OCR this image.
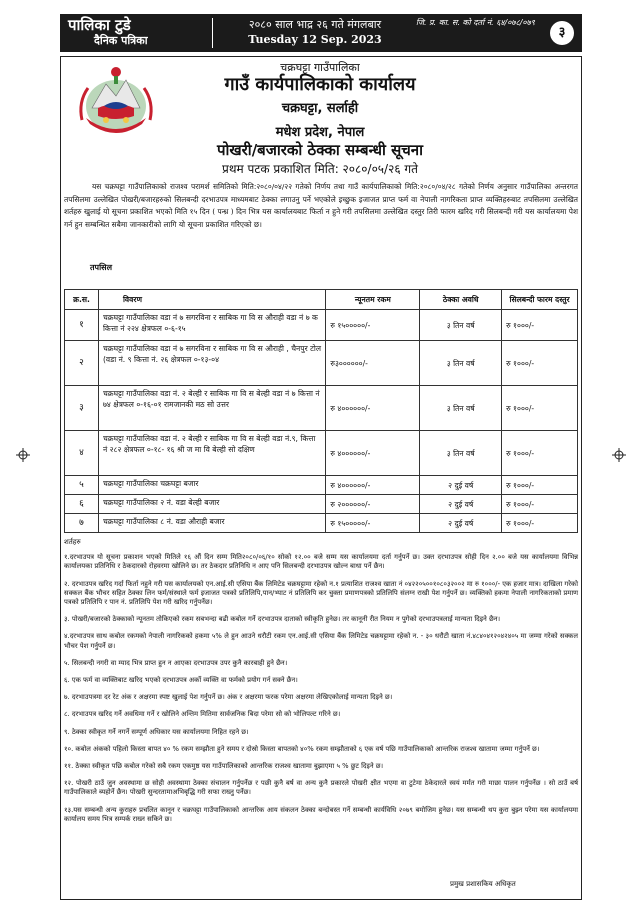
पालिका टुडे
दैनिक पत्रिका
२०८० साल भाद्र २६ गते मंगलबार
Tuesday 12 Sep. 2023
जि. प्र. का. स. को दर्ता नं. ६४/०७८/०७९
३
चक्रघट्टा गाउँपालिका
गाउँ कार्यपालिकाको कार्यालय
चक्रघट्टा, सर्लाही
मधेश प्रदेश, नेपाल
पोखरी/बजारको ठेक्का सम्बन्धी सूचना
प्रथम पटक प्रकाशित मिति: २०८०/०५/२६ गते
यस चक्रघट्टा गाउँपालिकाको राजश्व परामर्श समितिको मिति:२०८०/०४/२२ गतेको निर्णय तथा गाउँ कार्यपालिकाको मिति:२०८०/०४/२८ गतेको निर्णय अनुसार गाउँपालिका अन्तरगत तपसिलमा उल्लेखित पोखरी/बजारहरुको सिलबन्दी दरभाउपत्र माध्यमबाट ठेक्का लगाउनु पर्ने भएकोले इच्छुक इजाजत प्राप्त फर्म वा नेपाली नागरिकता प्राप्त व्यक्तिहरुबाट तपसिलमा उल्लेखित शर्तहरु खुलाई यो सूचना प्रकाशित भएको मिति १५ दिन ( पन्ध्र ) दिन भित्र यस कार्यालयबाट फिर्ता न हुने गरी तपसिलमा उल्लेखित दस्तुर तिरी फारम खरिद गरी सिलबन्दी गरी यस कार्यालयमा पेश गर्न हुन सम्बन्धित सबैमा जानकारीको लागि यो सूचना प्रकाशित गरिएको छ।
तपसिल
क्र.स.	विवरण	न्यूनतम रकम	ठेक्का अवधि	सिलबन्दी फारम दस्तुर
१	चक्रघट्टा गाउँपालिका वडा नं ७ सगरविना र साबिक गा वि स औराही वडा नं ७ क कित्ता नं २२४ क्षेत्रफल ०-६-१५	रु १५०००००/-	३ तिन वर्ष	रु १०००/-
२	चक्रघट्टा गाउँपालिका वडा नं ७ सगरविना र साबिक गा वि स औराही , चैनपुर टोल (वडा नं. ९ कित्ता नं. २६ क्षेत्रफल ०-१३-०४	रु३००००००/-	३ तिन वर्ष	रु १०००/-
३	चक्रघट्टा गाउँपालिका वडा नं. २ बेल्ही र साबिक गा वि स बेल्ही वडा नं ७ कित्ता नं ७४ क्षेत्रफल ०-१६-०१ रामजानकी मठ सो उत्तर	रु ४००००००/-	३ तिन वर्ष	रु १०००/-
४	चक्रघट्टा गाउँपालिका वडा नं. २ बेल्ही र साबिक गा वि स बेल्ही वडा नं.९, कित्ता नं २८२ क्षेत्रफल ०-१८- १६ श्री ज मा वि बेल्ही सो दक्षिण	रु ४००००००/-	३ तिन वर्ष	रु १०००/-
५	चक्रघट्टा गाउँपालिका चक्रघट्टा बजार	रु ४००००००/-	२ दुई वर्ष	रु १०००/-
६	चक्रघट्टा गाउँपालिका २ नं. वडा बेल्ही बजार	रु २००००००/-	२ दुई वर्ष	रु १०००/-
७	चक्रघट्टा गाउँपालिका ८ नं. वडा औराही बजार	रु १५०००००/-	२ दुई वर्ष	रु १०००/-
शर्तहरु

१.दरभाउपत्र यो सूचना प्रकाशन भएको मितिले १६ औं दिन सम्म मिति२०८०/०६/१० सोको १२.०० बजे सम्म यस कार्यालयमा दर्ता गर्नुपर्ने छ। उक्त दरभाउपत्र सोही दिन २.०० बजे यस कार्यालयमा विभिन्न कार्यालयका प्रतिनिधि र ठेकदारको रोहवरमा खोलिने छ। तर ठेकदार प्रतिनिधि न आए पनि सिलबन्दी दरभाउपत्र खोल्न बाधा पर्ने छैन।

२. दरभाउपत्र खरिद गर्दा फिर्ता नहुने गरी यस कार्यालयको एन.आई.सी एसिया बैंक लिमिटेड चक्रघट्टामा रहेको न.१ प्रत्याशित राजश्व खाता नं ०४२२०५००१०८०३२००२ मा रु १०००/- एक हजार मात्र। दाखिला गरेको सक्कल बैंक भौचर सहित ठेक्का लिन फर्म/संस्थाले फर्म इजाजत पत्रको प्रतिलिपि,पान/भ्याट नं प्रतिलिपि कर चुक्ता प्रमाणपत्रको प्रतिलिपि संलग्न राखी पेश गर्नुपर्ने छ। व्यक्तिको हकमा नेपाली नागरिकताको प्रमाण पत्रको प्रतिलिपि र पान नं. प्रतिलिपि पेश गरी खरिद गर्नुपर्नेछ।

३. पोखरी/बजारको ठेक्काको न्यूनतम तोकिएको रकम सबभन्दा बढी कबोल गर्ने दरभाउपत्र दाताको स्वीकृति हुनेछ। तर कानूनी रीत नियम न पुगेको दरभाउपत्रलाई मान्यता दिइने छैन।

४.दरभाउपत्र साथ कबोल रकमको नेपाली नागरिकको हकमा ५% ले हुन आउने धरौटी रकम एन.आई.सी एसिया बैंक लिमिटेड चक्रघट्टामा रहेको न. - ३० धरौटी खाता नं.४८४०४१२०४२४०५ मा जम्मा गरेको सक्कल भौचर पेश गर्नुपर्ने छ।

५. सिलबन्दी नगरी वा म्याद भित्र प्राप्त हुन न आएका दरभाउपत्र उपर कुनै कारबाही हुने छैन।

६. एक फर्म वा व्यक्तिबाट खरिद भएको दरभाउपत्र अर्को व्यक्ति वा फर्मको प्रयोग गर्न सक्ने छैन।

७. दरभाउपत्रमा दर रेट अंक र अक्षरमा स्पष्ट खुलाई पेश गर्नुपर्ने छ। अंक र अक्षरमा फरक परेमा अक्षरमा लेखिएकोलाई मान्यता दिइने छ।

८. दरभाउपत्र खरिद गर्ने अवधिमा गर्ने र खोलिने अन्तिम मितिमा सार्वजनिक बिदा परेमा सो को भोलिपल्ट गरिने छ।

९. ठेक्का स्वीकृत गर्ने नगर्ने सम्पूर्ण अधिकार यस कार्यालयमा निहित रहने छ।

१०. कबोल अंकको पहिलो किस्ता बापत ४० % रकम सम्झौता हुने समय र दोस्रो किस्ता बापतको ४०% रकम सम्झौताको ६ एक वर्ष पछि गाउँपालिकाको आन्तरिक राजश्व खातामा जम्मा गर्नुपर्ने छ।

११. ठेक्का स्वीकृत पछि कबोल गरेको सबै रकम एकमुष्ठ यस गाउँपालिकाको आन्तरिक राजश्व खातामा बुझाएमा ५ % छुट दिइने छ।

१२. पोखरी ठाउँ जुन अवस्थामा छ सोही अवस्थामा ठेक्का संचालन गर्नुपर्नेछ र पछी कुनै बर्ष वा अन्य कुनै प्रकारले पोखरी क्षीत भएमा वा टुटेमा ठेकेदारले स्वयं मर्मत गरी माछा पालन गर्नुपर्नेछ । सो ठाउँ बर्ष गाउँपालिकाले ब्यहोर्ने छैन। पोखरी सुन्दरतामाअभिबृद्धि गरी सफा राख्नु पर्नेछ।

१३.यस सम्बन्धी अन्य कुराहरु प्रचलित कानून र चक्रघट्टा गाउँपालिकाको आन्तरिक आय संकलन ठेक्का बन्दोबस्त गर्ने सम्बन्धी कार्यविधि २०७९ बमोजिम हुनेछ। यस सम्बन्धी थप कुरा बुझ्न परेमा यस कार्यालयमा कार्यालय समय भित्र सम्पर्क राख्न सकिने छ।

प्रमुख प्रशासकिय अधिकृत
